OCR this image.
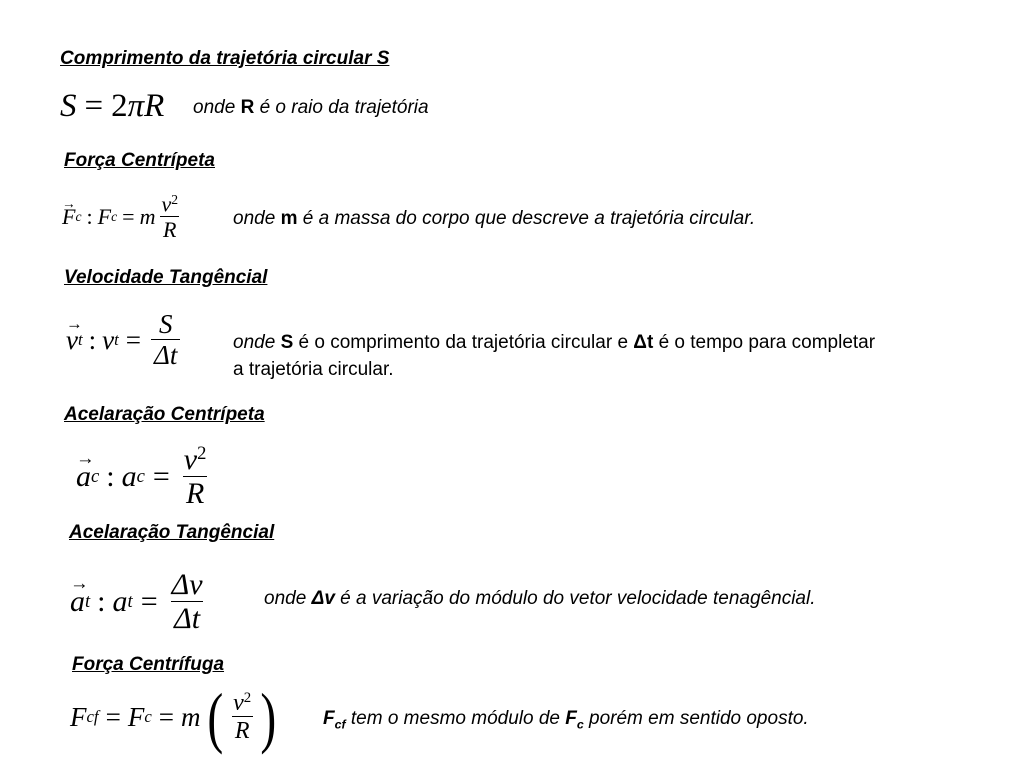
Comprimento da trajetória circular S
S = 2 π R onde R é o raio da trajetória
Força Centrípeta
→ F c : F c = m $\frac{v^2}{R}$	onde m é a massa do corpo que descreve a trajetória circular.
Velocidade Tangêncial
→ v t : v $t = \frac{S}{\Delta t}$	onde S é o comprimento da trajetória circular e Δt é o tempo para completar
a trajetória circular.
Acelaração Centrípeta
→ a c : a $c = \frac{v^2}{R}$
Acelaração Tangêncial
→ a t : a $t = \frac{\Delta v}{\Delta t}$	onde Δv é a variação do módulo do vetor velocidade tenagêncial.
Força Centrífuga
F cf = F c = m ( $\frac{v^2}{R}$ ) $F_{cf}$ tem o mesmo módulo de $F_c$ porém em sentido oposto.
